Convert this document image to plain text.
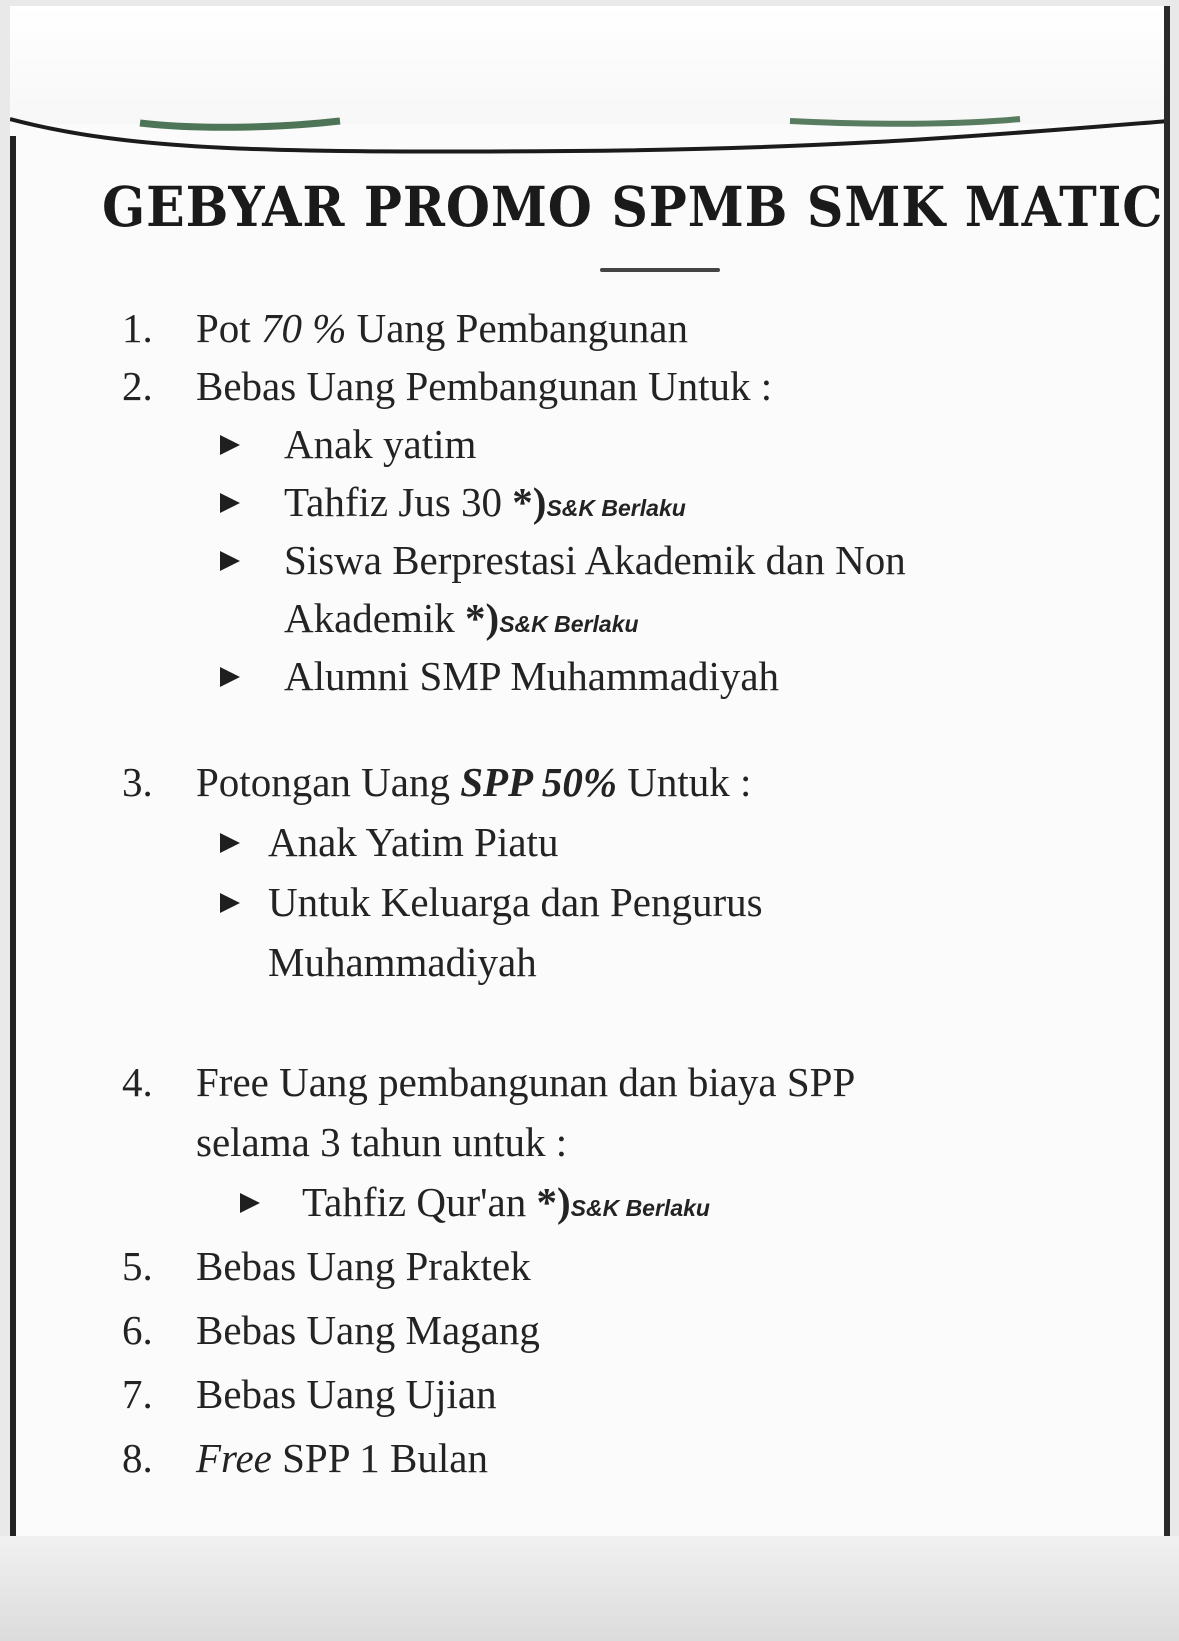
GEBYAR PROMO SPMB SMK MATIC
1. Pot 70 % Uang Pembangunan
2. Bebas Uang Pembangunan Untuk :
Anak yatim
Tahfiz Jus 30 *)S&K Berlaku
Siswa Berprestasi Akademik dan Non
Akademik *)S&K Berlaku
Alumni SMP Muhammadiyah
3. Potongan Uang SPP 50% Untuk :
Anak Yatim Piatu
Untuk Keluarga dan Pengurus
Muhammadiyah
4. Free Uang pembangunan dan biaya SPP
selama 3 tahun untuk :
Tahfiz Qur'an *)S&K Berlaku
5. Bebas Uang Praktek
6. Bebas Uang Magang
7. Bebas Uang Ujian
8. Free SPP 1 Bulan
